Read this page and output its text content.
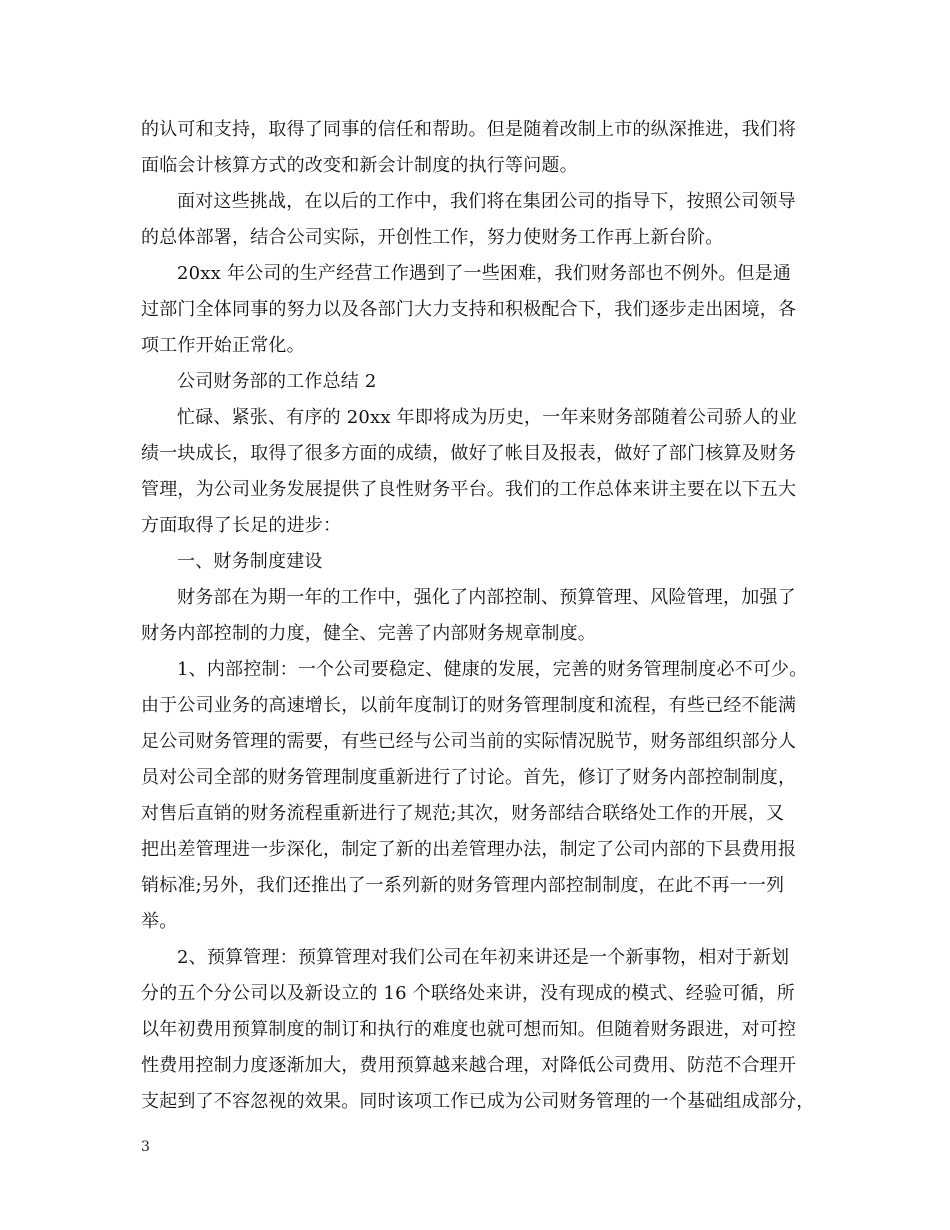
的认可和支持，取得了同事的信任和帮助。但是随着改制上市的纵深推进，我们将
面临会计核算方式的改变和新会计制度的执行等问题。
面对这些挑战，在以后的工作中，我们将在集团公司的指导下，按照公司领导
的总体部署，结合公司实际，开创性工作，努力使财务工作再上新台阶。
20xx 年公司的生产经营工作遇到了一些困难，我们财务部也不例外。但是通
过部门全体同事的努力以及各部门大力支持和积极配合下，我们逐步走出困境，各
项工作开始正常化。
公司财务部的工作总结 2
忙碌、紧张、有序的 20xx 年即将成为历史，一年来财务部随着公司骄人的业
绩一块成长，取得了很多方面的成绩，做好了帐目及报表，做好了部门核算及财务
管理，为公司业务发展提供了良性财务平台。我们的工作总体来讲主要在以下五大
方面取得了长足的进步：
一、财务制度建设
财务部在为期一年的工作中，强化了内部控制、预算管理、风险管理，加强了
财务内部控制的力度，健全、完善了内部财务规章制度。
1、内部控制：一个公司要稳定、健康的发展，完善的财务管理制度必不可少。
由于公司业务的高速增长，以前年度制订的财务管理制度和流程，有些已经不能满
足公司财务管理的需要，有些已经与公司当前的实际情况脱节，财务部组织部分人
员对公司全部的财务管理制度重新进行了讨论。首先，修订了财务内部控制制度，
对售后直销的财务流程重新进行了规范;其次，财务部结合联络处工作的开展，又
把出差管理进一步深化，制定了新的出差管理办法，制定了公司内部的下县费用报
销标准;另外，我们还推出了一系列新的财务管理内部控制制度，在此不再一一列
举。
2、预算管理：预算管理对我们公司在年初来讲还是一个新事物，相对于新划
分的五个分公司以及新设立的 16 个联络处来讲，没有现成的模式、经验可循，所
以年初费用预算制度的制订和执行的难度也就可想而知。但随着财务跟进，对可控
性费用控制力度逐渐加大，费用预算越来越合理，对降低公司费用、防范不合理开
支起到了不容忽视的效果。同时该项工作已成为公司财务管理的一个基础组成部分，
3
